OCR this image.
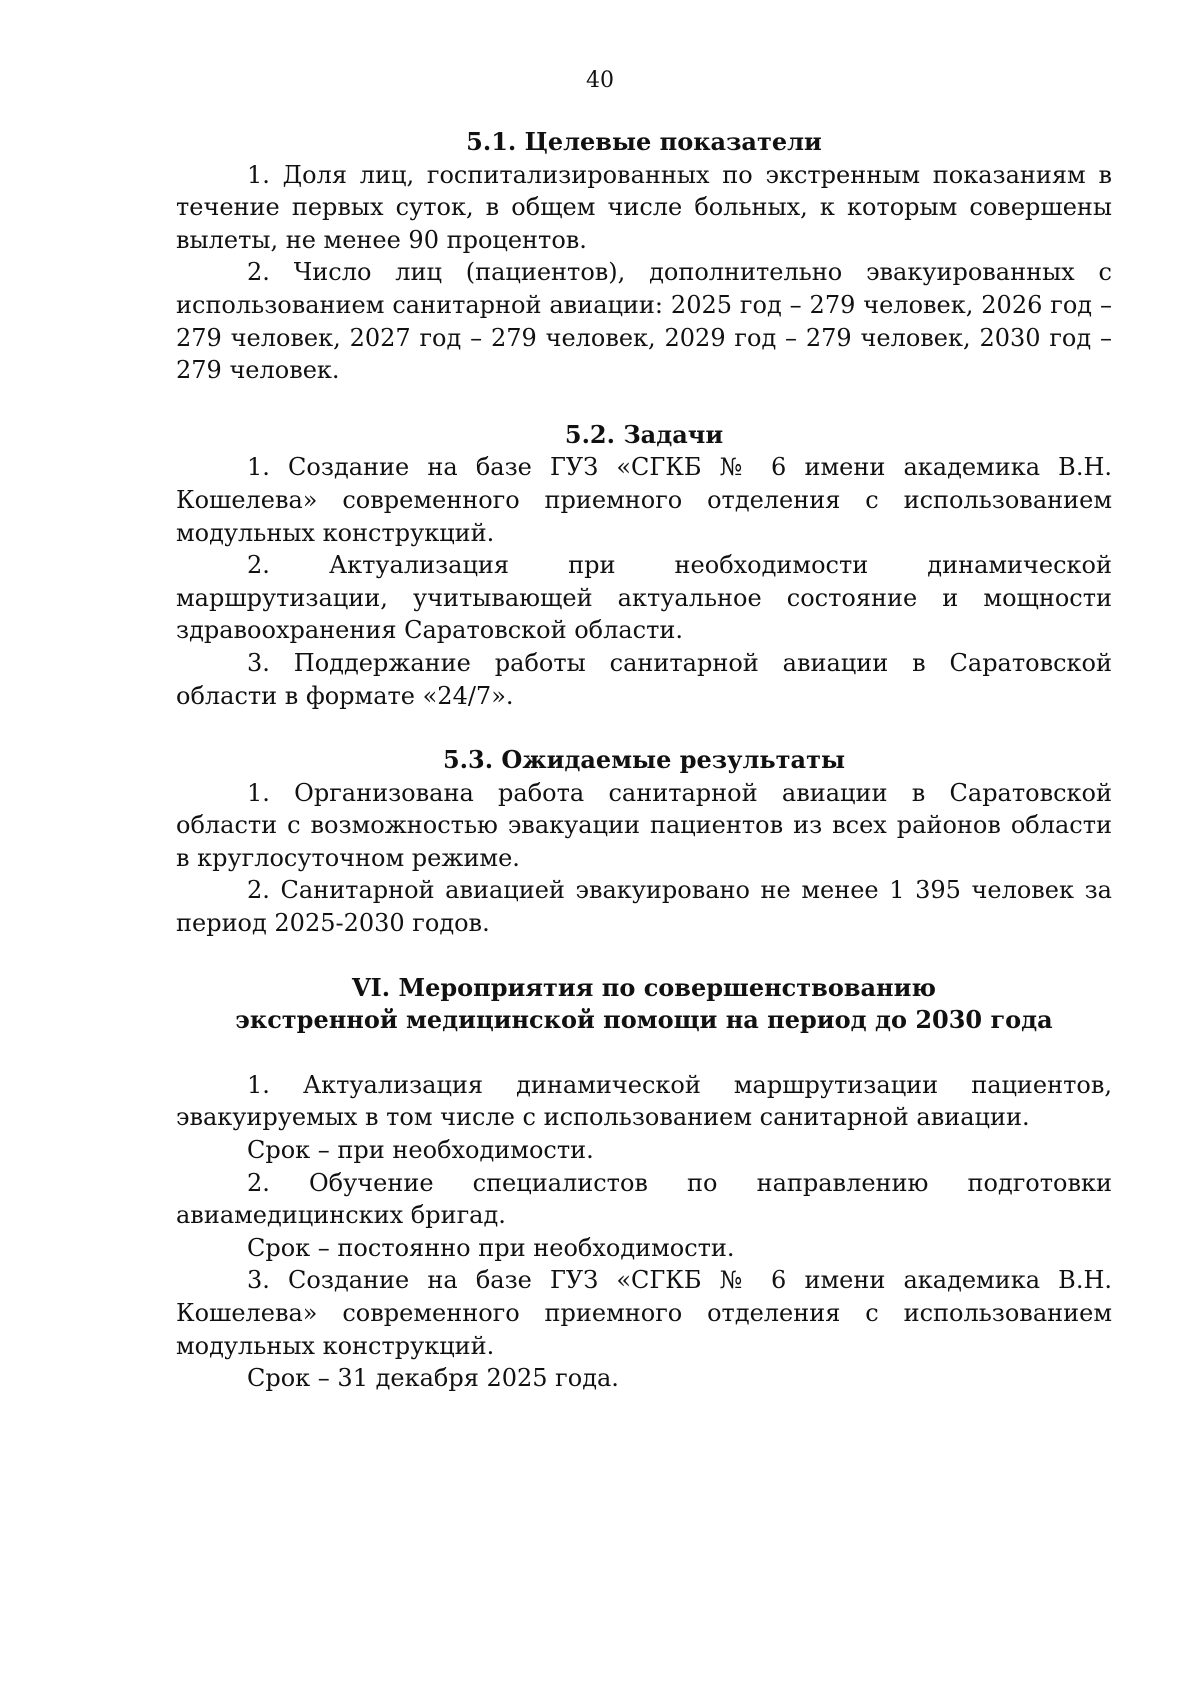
40

5.1. Целевые показатели

1. Доля лиц, госпитализированных по экстренным показаниям в течение первых суток, в общем числе больных, к которым совершены вылеты, не менее 90 процентов.

2. Число лиц (пациентов), дополнительно эвакуированных с использованием санитарной авиации: 2025 год – 279 человек, 2026 год – 279 человек, 2027 год – 279 человек, 2029 год – 279 человек, 2030 год – 279 человек.

5.2. Задачи

1. Создание на базе ГУЗ «СГКБ № 6 имени академика В.Н. Кошелева» современного приемного отделения с использованием модульных конструкций.

2. Актуализация при необходимости динамической маршрутизации, учитывающей актуальное состояние и мощности здравоохранения Саратовской области.

3. Поддержание работы санитарной авиации в Саратовской области в формате «24/7».

5.3. Ожидаемые результаты

1. Организована работа санитарной авиации в Саратовской области с возможностью эвакуации пациентов из всех районов области в круглосуточном режиме.

2. Санитарной авиацией эвакуировано не менее 1 395 человек за период 2025-2030 годов.

VI. Мероприятия по совершенствованию

экстренной медицинской помощи на период до 2030 года

1. Актуализация динамической маршрутизации пациентов, эвакуируемых в том числе с использованием санитарной авиации.

Срок – при необходимости.

2. Обучение специалистов по направлению подготовки авиамедицинских бригад.

Срок – постоянно при необходимости.

3. Создание на базе ГУЗ «СГКБ № 6 имени академика В.Н. Кошелева» современного приемного отделения с использованием модульных конструкций.

Срок – 31 декабря 2025 года.
